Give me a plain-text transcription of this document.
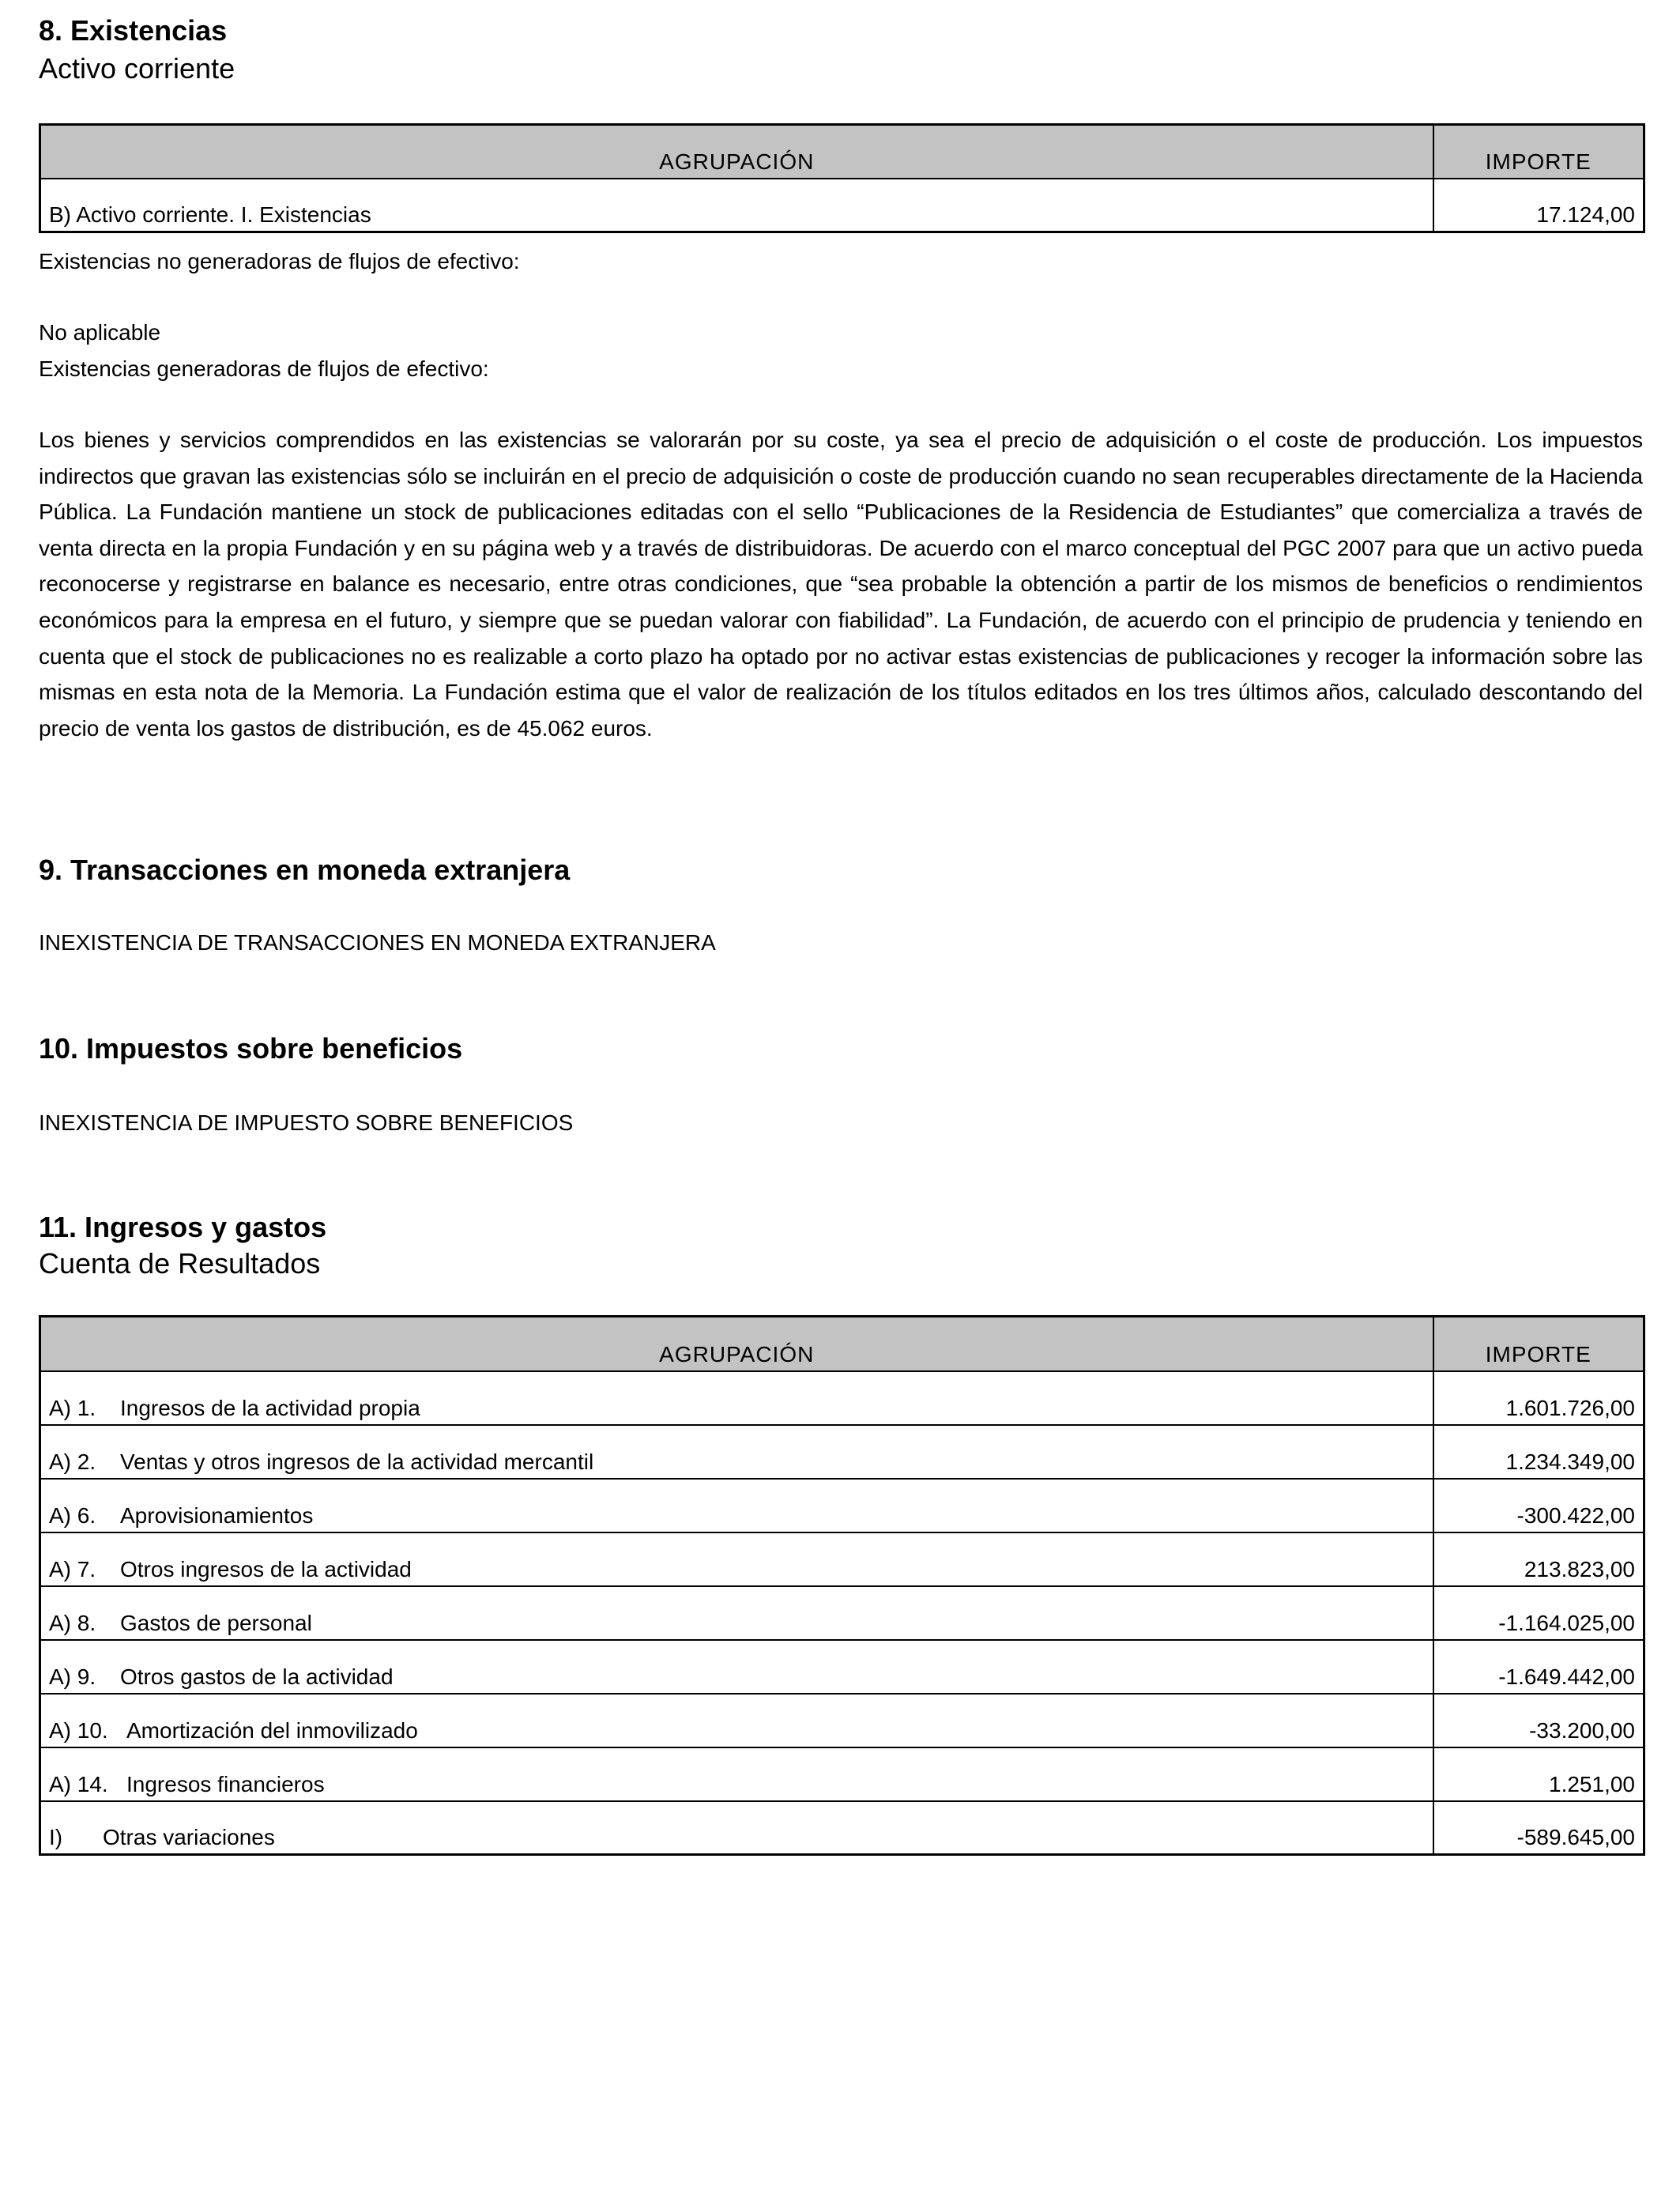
8. Existencias
Activo corriente
AGRUPACIÓN	IMPORTE
B) Activo corriente. I. Existencias	17.124,00
Existencias no generadoras de flujos de efectivo:
No aplicable
Existencias generadoras de flujos de efectivo:

Los bienes y servicios comprendidos en las existencias se valorarán por su coste, ya sea el precio de adquisición o el coste de producción. Los impuestos indirectos que gravan las existencias sólo se incluirán en el precio de adquisición o coste de producción cuando no sean recuperables directamente de la Hacienda Pública. La Fundación mantiene un stock de publicaciones editadas con el sello “Publicaciones de la Residencia de Estudiantes” que comercializa a través de venta directa en la propia Fundación y en su página web y a través de distribuidoras. De acuerdo con el marco conceptual del PGC 2007 para que un activo pueda reconocerse y registrarse en balance es necesario, entre otras condiciones, que “sea probable la obtención a partir de los mismos de beneficios o rendimientos económicos para la empresa en el futuro, y siempre que se puedan valorar con fiabilidad”. La Fundación, de acuerdo con el principio de prudencia y teniendo en cuenta que el stock de publicaciones no es realizable a corto plazo ha optado por no activar estas existencias de publicaciones y recoger la información sobre las mismas en esta nota de la Memoria. La Fundación estima que el valor de realización de los títulos editados en los tres últimos años, calculado descontando del precio de venta los gastos de distribución, es de 45.062 euros.

9. Transacciones en moneda extranjera
INEXISTENCIA DE TRANSACCIONES EN MONEDA EXTRANJERA
10. Impuestos sobre beneficios
INEXISTENCIA DE IMPUESTO SOBRE BENEFICIOS
11. Ingresos y gastos
Cuenta de Resultados
AGRUPACIÓN	IMPORTE
A) 1. Ingresos de la actividad propia	1.601.726,00
A) 2. Ventas y otros ingresos de la actividad mercantil	1.234.349,00
A) 6. Aprovisionamientos	-300.422,00
A) 7. Otros ingresos de la actividad	213.823,00
A) 8. Gastos de personal	-1.164.025,00
A) 9. Otros gastos de la actividad	-1.649.442,00
A) 10. Amortización del inmovilizado	-33.200,00
A) 14. Ingresos financieros	1.251,00
I) Otras variaciones	-589.645,00
